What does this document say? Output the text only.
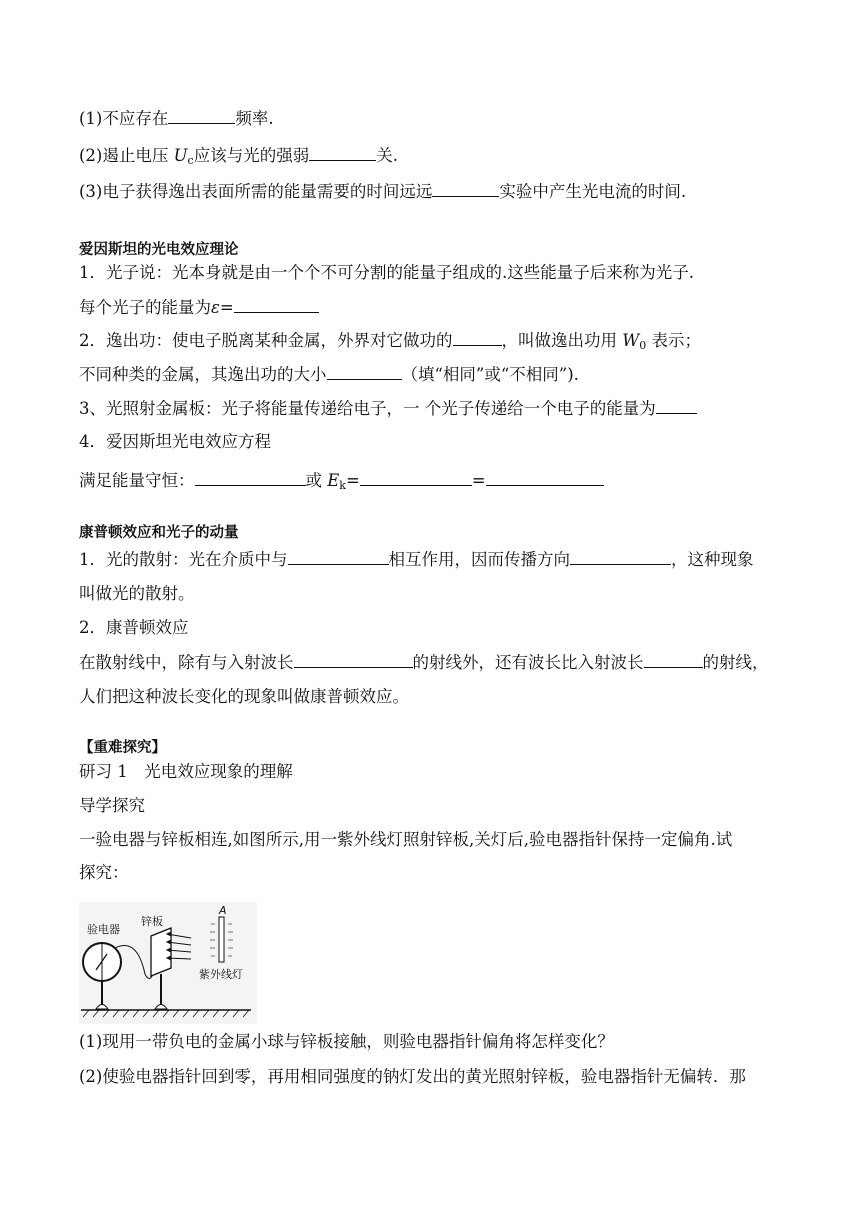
(1)不应存在	频率.
(2)遏止电压 $U_c$应该与光的强弱	关.
(3)电子获得逸出表面所需的能量需要的时间远远	实验中产生光电流的时间.
爱因斯坦的光电效应理论
1．光子说：光本身就是由一个个不可分割的能量子组成的.这些能量子后来称为光子.
每个光子的能量为ε=
2．逸出功：使电子脱离某种金属，外界对它做功的	，叫做逸出功用 $W_0$ 表示；
不同种类的金属，其逸出功的大小	（填“相同”或“不相同”).
3、光照射金属板：光子将能量传递给电子，一 个光子传递给一个电子的能量为
4．爱因斯坦光电效应方程
满足能量守恒：	或 $E_k=$	=
康普顿效应和光子的动量
1．光的散射：光在介质中与	相互作用，因而传播方向	，这种现象
叫做光的散射。
2．康普顿效应
在散射线中，除有与入射波长	的射线外，还有波长比入射波长	的射线，
人们把这种波长变化的现象叫做康普顿效应。
【重难探究】
研习 1　光电效应现象的理解
导学探究
一验电器与锌板相连,如图所示,用一紫外线灯照射锌板,关灯后,验电器指针保持一定偏角.试
探究：
验电器
锌板
紫外线灯
A
(1)现用一带负电的金属小球与锌板接触，则验电器指针偏角将怎样变化？
(2)使验电器指针回到零，再用相同强度的钠灯发出的黄光照射锌板，验电器指针无偏转．那
